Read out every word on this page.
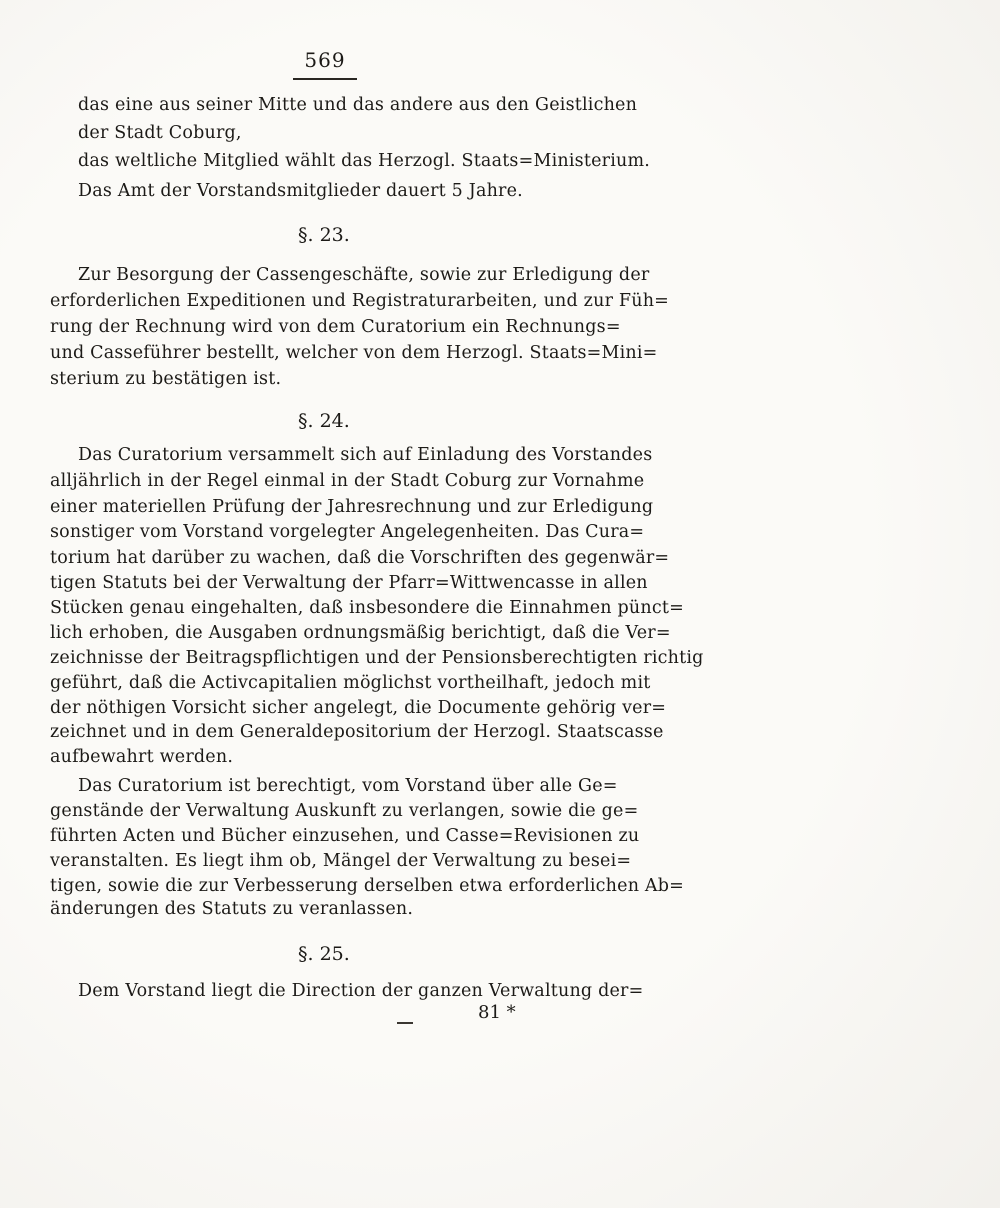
569
das eine aus seiner Mitte und das andere aus den Geistlichen
der Stadt Coburg,
das weltliche Mitglied wählt das Herzogl. Staats=Ministerium.
Das Amt der Vorstandsmitglieder dauert 5 Jahre.
§. 23.
Zur Besorgung der Cassengeschäfte, sowie zur Erledigung der
erforderlichen Expeditionen und Registraturarbeiten, und zur Füh=
rung der Rechnung wird von dem Curatorium ein Rechnungs=
und Casseführer bestellt, welcher von dem Herzogl. Staats=Mini=
sterium zu bestätigen ist.
§. 24.
Das Curatorium versammelt sich auf Einladung des Vorstandes
alljährlich in der Regel einmal in der Stadt Coburg zur Vornahme
einer materiellen Prüfung der Jahresrechnung und zur Erledigung
sonstiger vom Vorstand vorgelegter Angelegenheiten. Das Cura=
torium hat darüber zu wachen, daß die Vorschriften des gegenwär=
tigen Statuts bei der Verwaltung der Pfarr=Wittwencasse in allen
Stücken genau eingehalten, daß insbesondere die Einnahmen pünct=
lich erhoben, die Ausgaben ordnungsmäßig berichtigt, daß die Ver=
zeichnisse der Beitragspflichtigen und der Pensionsberechtigten richtig
geführt, daß die Activcapitalien möglichst vortheilhaft, jedoch mit
der nöthigen Vorsicht sicher angelegt, die Documente gehörig ver=
zeichnet und in dem Generaldepositorium der Herzogl. Staatscasse
aufbewahrt werden.
Das Curatorium ist berechtigt, vom Vorstand über alle Ge=
genstände der Verwaltung Auskunft zu verlangen, sowie die ge=
führten Acten und Bücher einzusehen, und Casse=Revisionen zu
veranstalten. Es liegt ihm ob, Mängel der Verwaltung zu besei=
tigen, sowie die zur Verbesserung derselben etwa erforderlichen Ab=
änderungen des Statuts zu veranlassen.
§. 25.
Dem Vorstand liegt die Direction der ganzen Verwaltung der=
81 *
